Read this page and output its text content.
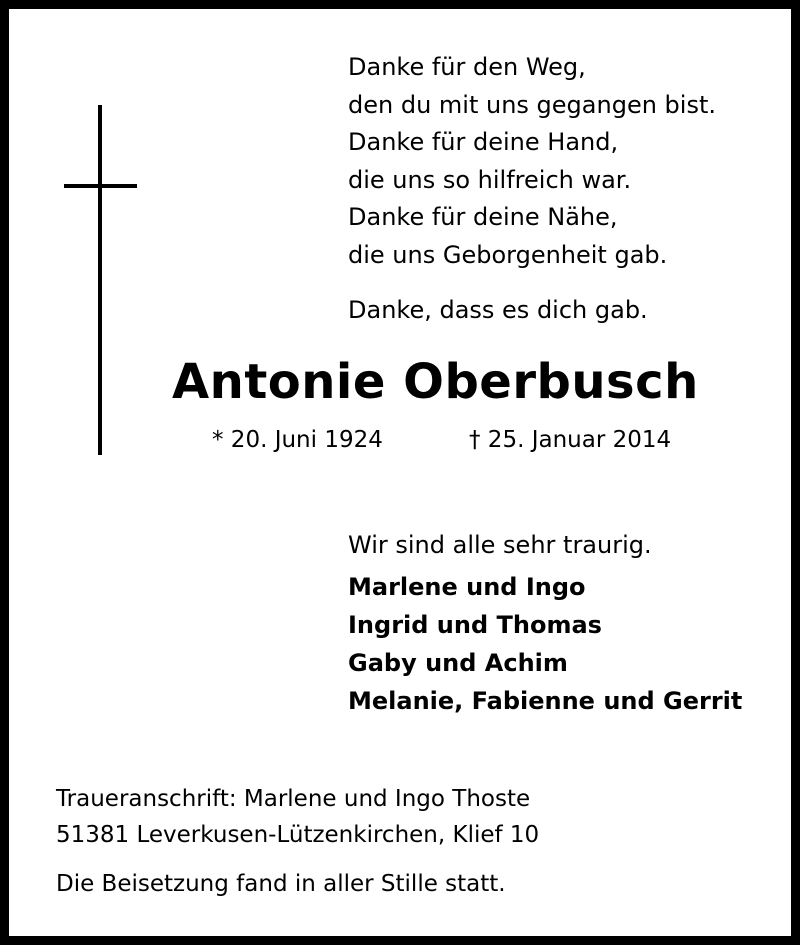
Danke für den Weg,
den du mit uns gegangen bist.
Danke für deine Hand,
die uns so hilfreich war.
Danke für deine Nähe,
die uns Geborgenheit gab.
Danke, dass es dich gab.
Antonie Oberbusch
* 20. Juni 1924	† 25. Januar 2014
Wir sind alle sehr traurig.
Marlene und Ingo
Ingrid und Thomas
Gaby und Achim
Melanie, Fabienne und Gerrit
Traueranschrift: Marlene und Ingo Thoste
51381 Leverkusen-Lützenkirchen, Klief 10
Die Beisetzung fand in aller Stille statt.
